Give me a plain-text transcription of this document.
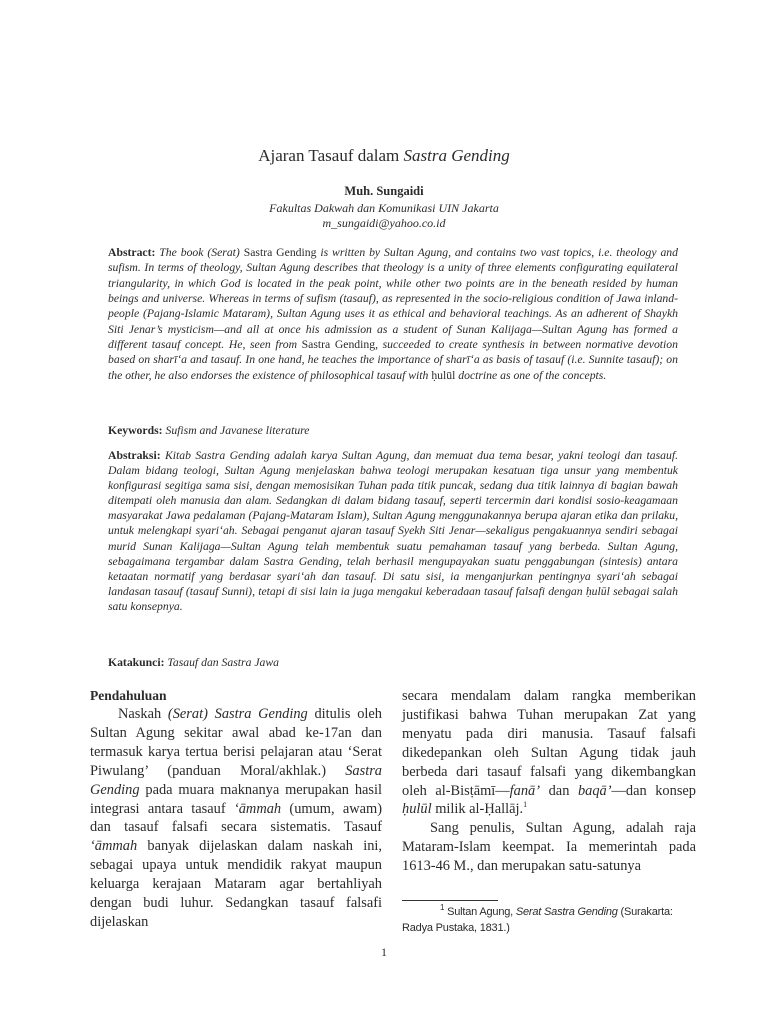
Ajaran Tasauf dalam Sastra Gending
Muh. Sungaidi
Fakultas Dakwah dan Komunikasi UIN Jakarta
m_sungaidi@yahoo.co.id
Abstract: The book (Serat) Sastra Gending is written by Sultan Agung, and contains two vast topics, i.e. theology and sufism. In terms of theology, Sultan Agung describes that theology is a unity of three elements configurating equilateral triangularity, in which God is located in the peak point, while other two points are in the beneath resided by human beings and universe. Whereas in terms of sufism (tasauf), as represented in the socio-religious condition of Jawa inland-people (Pajang-Islamic Mataram), Sultan Agung uses it as ethical and behavioral teachings. As an adherent of Shaykh Siti Jenar’s mysticism—and all at once his admission as a student of Sunan Kalijaga—Sultan Agung has formed a different tasauf concept. He, seen from Sastra Gending, succeeded to create synthesis in between normative devotion based on sharī‘a and tasauf. In one hand, he teaches the importance of sharī‘a as basis of tasauf (i.e. Sunnite tasauf); on the other, he also endorses the existence of philosophical tasauf with ḥulūl doctrine as one of the concepts.
Keywords: Sufism and Javanese literature
Abstraksi: Kitab Sastra Gending adalah karya Sultan Agung, dan memuat dua tema besar, yakni teologi dan tasauf. Dalam bidang teologi, Sultan Agung menjelaskan bahwa teologi merupakan kesatuan tiga unsur yang membentuk konfigurasi segitiga sama sisi, dengan memosisikan Tuhan pada titik puncak, sedang dua titik lainnya di bagian bawah ditempati oleh manusia dan alam. Sedangkan di dalam bidang tasauf, seperti tercermin dari kondisi sosio-keagamaan masyarakat Jawa pedalaman (Pajang-Mataram Islam), Sultan Agung menggunakannya berupa ajaran etika dan prilaku, untuk melengkapi syari‘ah. Sebagai penganut ajaran tasauf Syekh Siti Jenar—sekaligus pengakuannya sendiri sebagai murid Sunan Kalijaga—Sultan Agung telah membentuk suatu pemahaman tasauf yang berbeda. Sultan Agung, sebagaimana tergambar dalam Sastra Gending, telah berhasil mengupayakan suatu penggabungan (sintesis) antara ketaatan normatif yang berdasar syari‘ah dan tasauf. Di satu sisi, ia menganjurkan pentingnya syari‘ah sebagai landasan tasauf (tasauf Sunni), tetapi di sisi lain ia juga mengakui keberadaan tasauf falsafi dengan ḥulūl sebagai salah satu konsepnya.
Katakunci: Tasauf dan Sastra Jawa

Pendahuluan

Naskah (Serat) Sastra Gending ditulis oleh Sultan Agung sekitar awal abad ke-17an dan termasuk karya tertua berisi pelajaran atau ‘Serat Piwulang’ (panduan Moral/akhlak.) Sastra Gending pada muara maknanya merupakan hasil integrasi antara tasauf ‘āmmah (umum, awam) dan tasauf falsafi secara sistematis. Tasauf ‘āmmah banyak dijelaskan dalam naskah ini, sebagai upaya untuk mendidik rakyat maupun keluarga kerajaan Mataram agar bertahliyah dengan budi luhur. Sedangkan tasauf falsafi dijelaskan

secara mendalam dalam rangka memberikan justifikasi bahwa Tuhan merupakan Zat yang menyatu pada diri manusia. Tasauf falsafi dikedepankan oleh Sultan Agung tidak jauh berbeda dari tasauf falsafi yang dikembangkan oleh al-Bisṭāmī—fanā’ dan baqā’—dan konsep ḥulūl milik al-Ḥallāj.$^1$

Sang penulis, Sultan Agung, adalah raja Mataram-Islam keempat. Ia memerintah pada 1613-46 M., dan merupakan satu-satunya

$^1$ Sultan Agung, Serat Sastra Gending (Surakarta: Radya Pustaka, 1831.)
1
